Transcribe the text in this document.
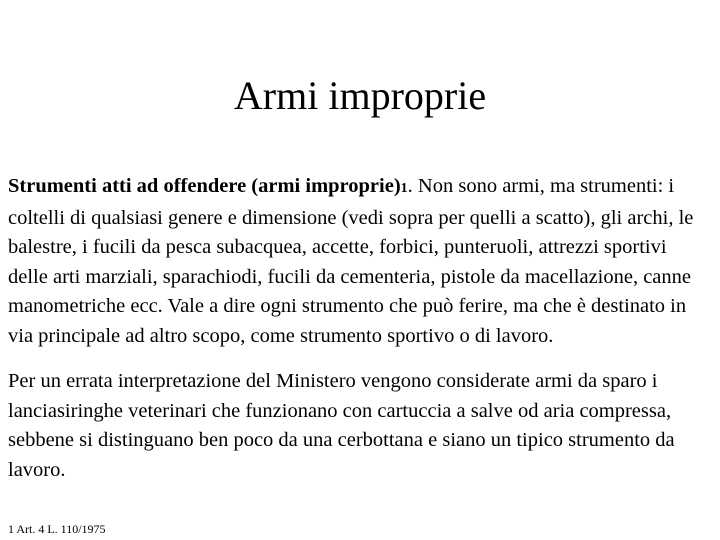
Armi improprie

Strumenti atti ad offendere (armi improprie)1. Non sono armi, ma strumenti: i coltelli di qualsiasi genere e dimensione (vedi sopra per quelli a scatto), gli archi, le balestre, i fucili da pesca subacquea, accette, forbici, punteruoli, attrezzi sportivi delle arti marziali, sparachiodi, fucili da cementeria, pistole da macellazione, canne manometriche ecc. Vale a dire ogni strumento che può ferire, ma che è destinato in via principale ad altro scopo, come strumento sportivo o di lavoro.

Per un errata interpretazione del Ministero vengono considerate armi da sparo i lanciasiringhe veterinari che funzionano con cartuccia a salve od aria compressa, sebbene si distinguano ben poco da una cerbottana e siano un tipico strumento da lavoro.

1 Art. 4 L. 110/1975
